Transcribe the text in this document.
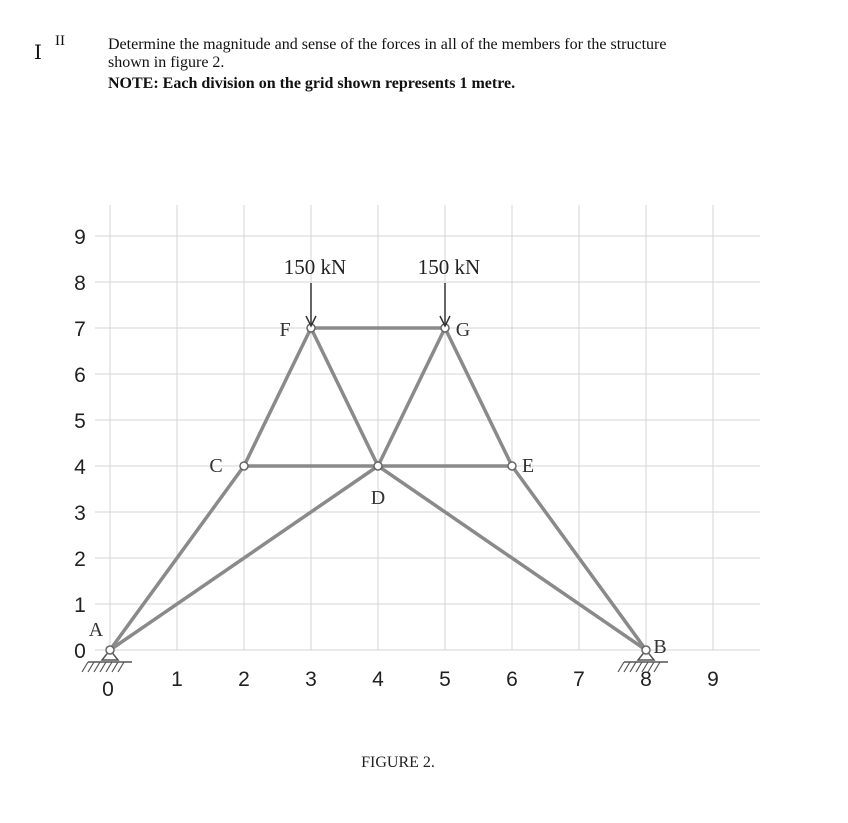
I II	Determine the magnitude and sense of the forces in all of the members for the structure
shown in figure 2.
NOTE: Each division on the grid shown represents 1 metre.
A
B
C
D
E
F	G
150 kN	150 kN
0
1
2
3
4
5
6
7
8
9
0	1	2	3	4	5	6	7	8	9
FIGURE 2.
